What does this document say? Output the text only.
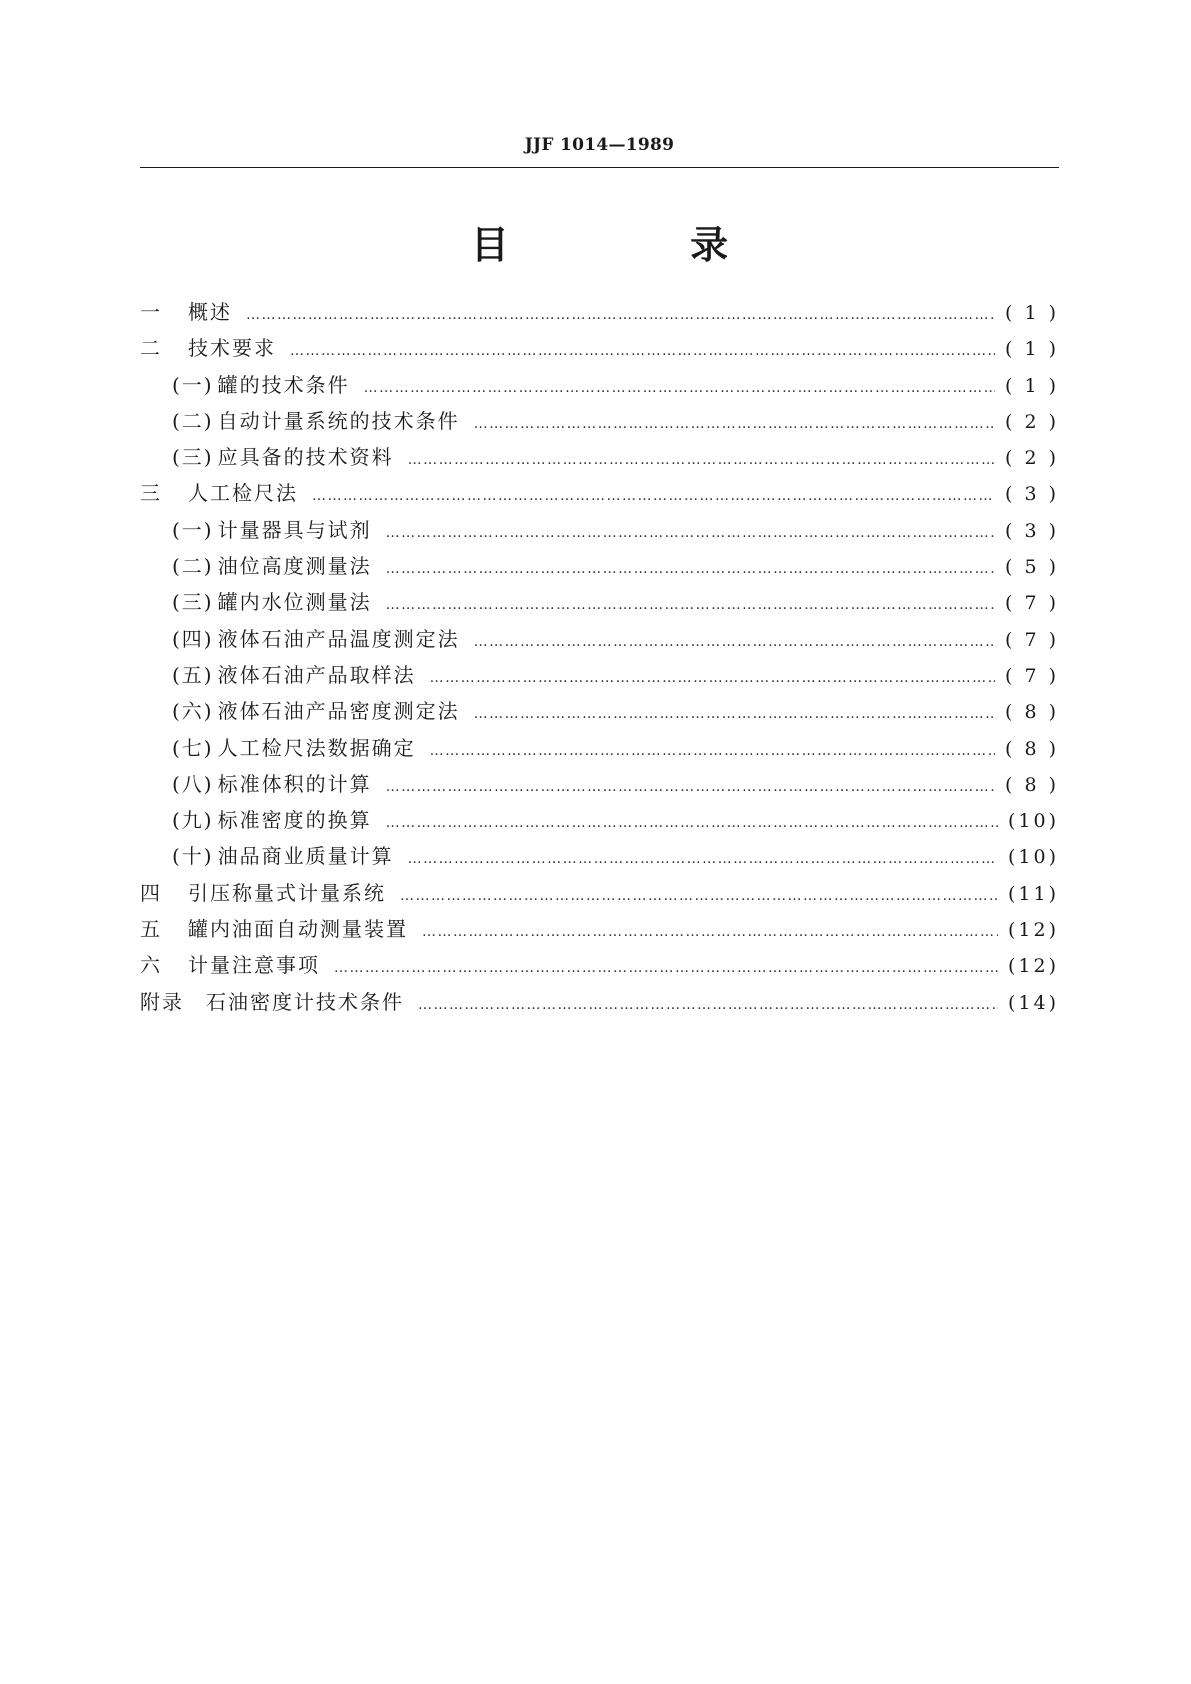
JJF 1014—1989
目 录
一 概述 …………………………………………………………………………………………………………………………………………………………………………………………………………	( 1 )
二 技术要求 …………………………………………………………………………………………………………………………………………………………………………………………………………	( 1 )
(一) 罐的技术条件 …………………………………………………………………………………………………………………………………………………………………………………………………………	( 1 )
(二) 自动计量系统的技术条件 …………………………………………………………………………………………………………………………………………………………………………………………………………	( 2 )
(三) 应具备的技术资料 …………………………………………………………………………………………………………………………………………………………………………………………………………	( 2 )
三 人工检尺法 …………………………………………………………………………………………………………………………………………………………………………………………………………	( 3 )
(一) 计量器具与试剂 …………………………………………………………………………………………………………………………………………………………………………………………………………	( 3 )
(二) 油位高度测量法 …………………………………………………………………………………………………………………………………………………………………………………………………………	( 5 )
(三) 罐内水位测量法 …………………………………………………………………………………………………………………………………………………………………………………………………………	( 7 )
(四) 液体石油产品温度测定法 …………………………………………………………………………………………………………………………………………………………………………………………………………	( 7 )
(五) 液体石油产品取样法 …………………………………………………………………………………………………………………………………………………………………………………………………………	( 7 )
(六) 液体石油产品密度测定法 …………………………………………………………………………………………………………………………………………………………………………………………………………	( 8 )
(七) 人工检尺法数据确定 …………………………………………………………………………………………………………………………………………………………………………………………………………	( 8 )
(八) 标准体积的计算 …………………………………………………………………………………………………………………………………………………………………………………………………………	( 8 )
(九) 标准密度的换算 …………………………………………………………………………………………………………………………………………………………………………………………………………	(10)
(十) 油品商业质量计算 …………………………………………………………………………………………………………………………………………………………………………………………………………	(10)
四 引压称量式计量系统 …………………………………………………………………………………………………………………………………………………………………………………………………………	(11)
五 罐内油面自动测量装置 …………………………………………………………………………………………………………………………………………………………………………………………………………	(12)
六 计量注意事项 …………………………………………………………………………………………………………………………………………………………………………………………………………	(12)
附录 石油密度计技术条件 …………………………………………………………………………………………………………………………………………………………………………………………………………	(14)
